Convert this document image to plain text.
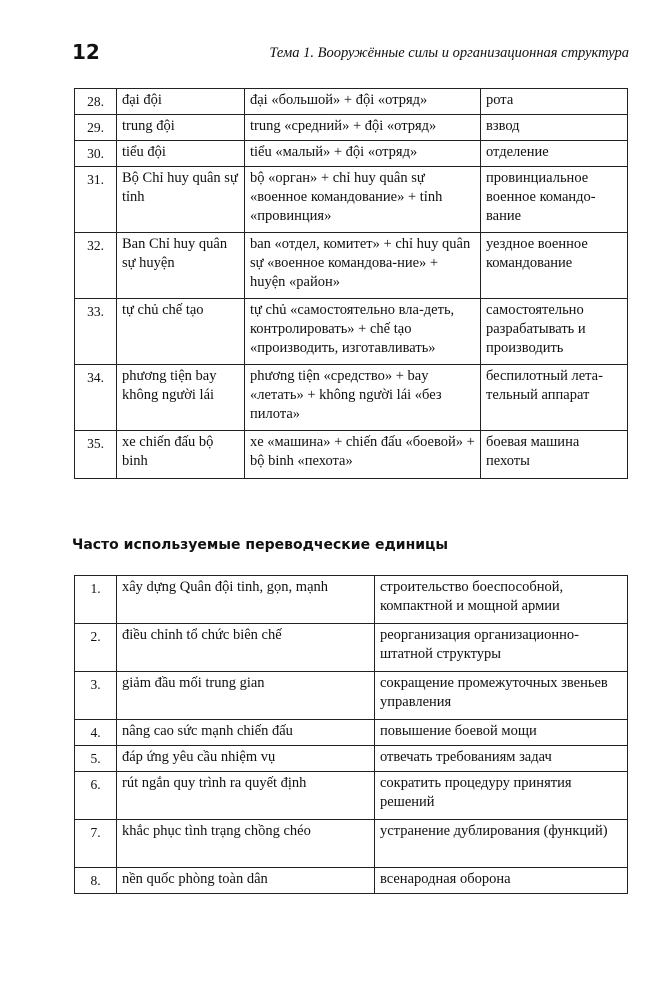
12	Тема 1. Вооружённые силы и организационная структура
28.	đại đội	đại «большой» + đội «отряд»	рота
29.	trung đội	trung «средний» + đội «отряд»	взвод
30.	tiểu đội	tiểu «малый» + đội «отряд»	отделение
31.	Bộ Chỉ huy quân sự tỉnh	bộ «орган» + chỉ huy quân sự «военное командование» + tỉnh «провинция»	провинциальное военное командо-вание
32.	Ban Chỉ huy quân sự huyện	ban «отдел, комитет» + chỉ huy quân sự «военное командова-ние» + huyện «район»	уездное военное командование
33.	tự chủ chế tạo	tự chủ «самостоятельно вла-деть, контролировать» + chế tạo «производить, изготавливать»	самостоятельно разрабатывать и производить
34.	phương tiện bay không người lái	phương tiện «средство» + bay «летать» + không người lái «без пилота»	беспилотный лета-тельный аппарат
35.	xe chiến đấu bộ binh	xe «машина» + chiến đấu «боевой» + bộ binh «пехота»	боевая машина пехоты
Часто используемые переводческие единицы
1.	xây dựng Quân đội tinh, gọn, mạnh	строительство боеспособной, компактной и мощной армии
2.	điều chỉnh tổ chức biên chế	реорганизация организационно-штатной структуры
3.	giảm đầu mối trung gian	сокращение промежуточных звеньев управления
4.	nâng cao sức mạnh chiến đấu	повышение боевой мощи
5.	đáp ứng yêu cầu nhiệm vụ	отвечать требованиям задач
6.	rút ngắn quy trình ra quyết định	сократить процедуру принятия решений
7.	khắc phục tình trạng chồng chéo	устранение дублирования (функций)
8.	nền quốc phòng toàn dân	всенародная оборона
